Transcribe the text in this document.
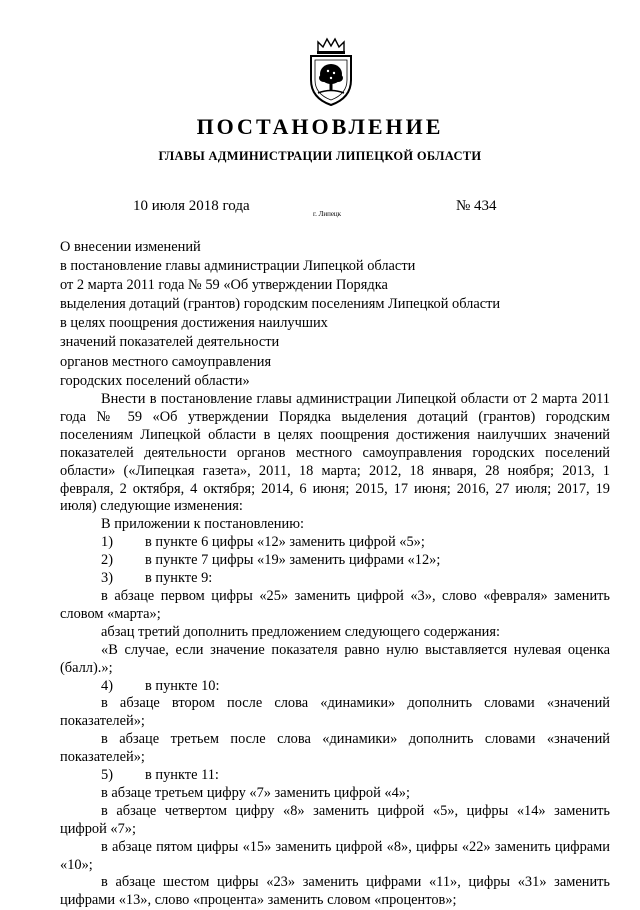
ПОСТАНОВЛЕНИЕ
ГЛАВЫ АДМИНИСТРАЦИИ ЛИПЕЦКОЙ ОБЛАСТИ
10 июля 2018 года	г. Липецк	№ 434
О внесении изменений
в постановление главы администрации Липецкой области
от 2 марта 2011 года № 59 «Об утверждении Порядка
выделения дотаций (грантов) городским поселениям Липецкой области
в целях поощрения достижения наилучших
значений показателей деятельности
органов местного самоуправления
городских поселений области»

Внести в постановление главы администрации Липецкой области от 2 марта 2011 года № 59 «Об утверждении Порядка выделения дотаций (грантов) городским поселениям Липецкой области в целях поощрения достижения наилучших значений показателей деятельности органов местного самоуправления городских поселений области» («Липецкая газета», 2011, 18 марта; 2012, 18 января, 28 ноября; 2013, 1 февраля, 2 октября, 4 октября; 2014, 6 июня; 2015, 17 июня; 2016, 27 июля; 2017, 19 июля) следующие изменения:

В приложении к постановлению:

1)	в пункте 6 цифры «12» заменить цифрой «5»;

2)	в пункте 7 цифры «19» заменить цифрами «12»;

3)	в пункте 9:

в абзаце первом цифры «25» заменить цифрой «3», слово «февраля» заменить словом «марта»;

абзац третий дополнить предложением следующего содержания:

«В случае, если значение показателя равно нулю выставляется нулевая оценка (балл).»;

4)	в пункте 10:

в абзаце втором после слова «динамики» дополнить словами «значений показателей»;

в абзаце третьем после слова «динамики» дополнить словами «значений показателей»;

5)	в пункте 11:

в абзаце третьем цифру «7» заменить цифрой «4»;

в абзаце четвертом цифру «8» заменить цифрой «5», цифры «14» заменить цифрой «7»;

в абзаце пятом цифры «15» заменить цифрой «8», цифры «22» заменить цифрами «10»;

в абзаце шестом цифры «23» заменить цифрами «11», цифры «31» заменить цифрами «13», слово «процента» заменить словом «процентов»;
